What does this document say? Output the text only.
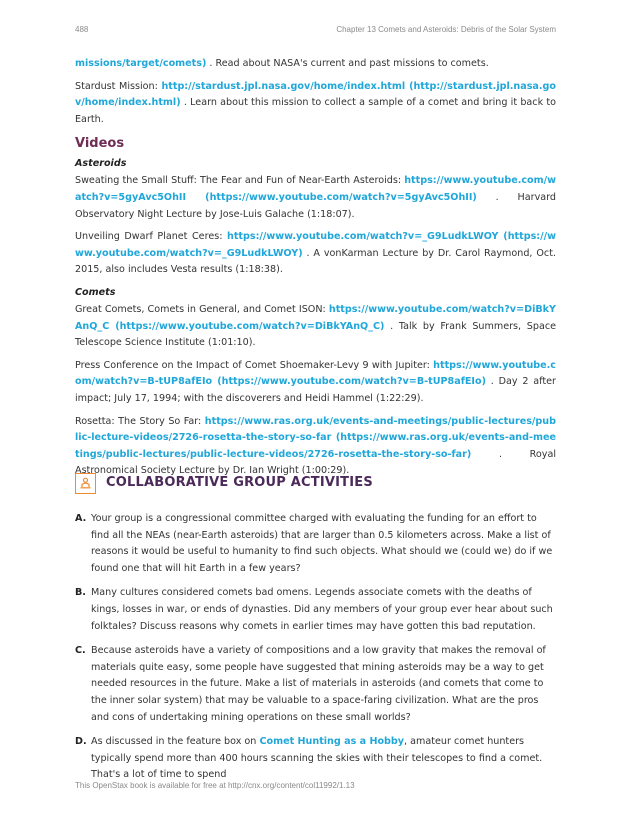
488	Chapter 13 Comets and Asteroids: Debris of the Solar System

missions/target/comets) . Read about NASA's current and past missions to comets.

Stardust Mission: http://stardust.jpl.nasa.gov/home/index.html (http://stardust.jpl.nasa.gov/home/index.html) . Learn about this mission to collect a sample of a comet and bring it back to Earth.

Videos
Asteroids

Sweating the Small Stuff: The Fear and Fun of Near-Earth Asteroids: https://www.youtube.com/watch?v=5gyAvc5OhII (https://www.youtube.com/watch?v=5gyAvc5OhII) . Harvard Observatory Night Lecture by Jose-Luis Galache (1:18:07).

Unveiling Dwarf Planet Ceres: https://www.youtube.com/watch?v=_G9LudkLWOY (https://www.youtube.com/watch?v=_G9LudkLWOY) . A vonKarman Lecture by Dr. Carol Raymond, Oct. 2015, also includes Vesta results (1:18:38).

Comets

Great Comets, Comets in General, and Comet ISON: https://www.youtube.com/watch?v=DiBkYAnQ_C (https://www.youtube.com/watch?v=DiBkYAnQ_C) . Talk by Frank Summers, Space Telescope Science Institute (1:01:10).

Press Conference on the Impact of Comet Shoemaker-Levy 9 with Jupiter: https://www.youtube.com/watch?v=B-tUP8afEIo (https://www.youtube.com/watch?v=B-tUP8afEIo) . Day 2 after impact; July 17, 1994; with the discoverers and Heidi Hammel (1:22:29).

Rosetta: The Story So Far: https://www.ras.org.uk/events-and-meetings/public-lectures/public-lecture-videos/2726-rosetta-the-story-so-far (https://www.ras.org.uk/events-and-meetings/public-lectures/public-lecture-videos/2726-rosetta-the-story-so-far) . Royal Astronomical Society Lecture by Dr. Ian Wright (1:00:29).

COLLABORATIVE GROUP ACTIVITIES
A. Your group is a congressional committee charged with evaluating the funding for an effort to find all the NEAs (near-Earth asteroids) that are larger than 0.5 kilometers across. Make a list of reasons it would be useful to humanity to find such objects. What should we (could we) do if we found one that will hit Earth in a few years?

B. Many cultures considered comets bad omens. Legends associate comets with the deaths of kings, losses in war, or ends of dynasties. Did any members of your group ever hear about such folktales? Discuss reasons why comets in earlier times may have gotten this bad reputation.

C. Because asteroids have a variety of compositions and a low gravity that makes the removal of materials quite easy, some people have suggested that mining asteroids may be a way to get needed resources in the future. Make a list of materials in asteroids (and comets that come to the inner solar system) that may be valuable to a space-faring civilization. What are the pros and cons of undertaking mining operations on these small worlds?

D. As discussed in the feature box on Comet Hunting as a Hobby, amateur comet hunters typically spend more than 400 hours scanning the skies with their telescopes to find a comet. That's a lot of time to spend

This OpenStax book is available for free at http://cnx.org/content/col11992/1.13
